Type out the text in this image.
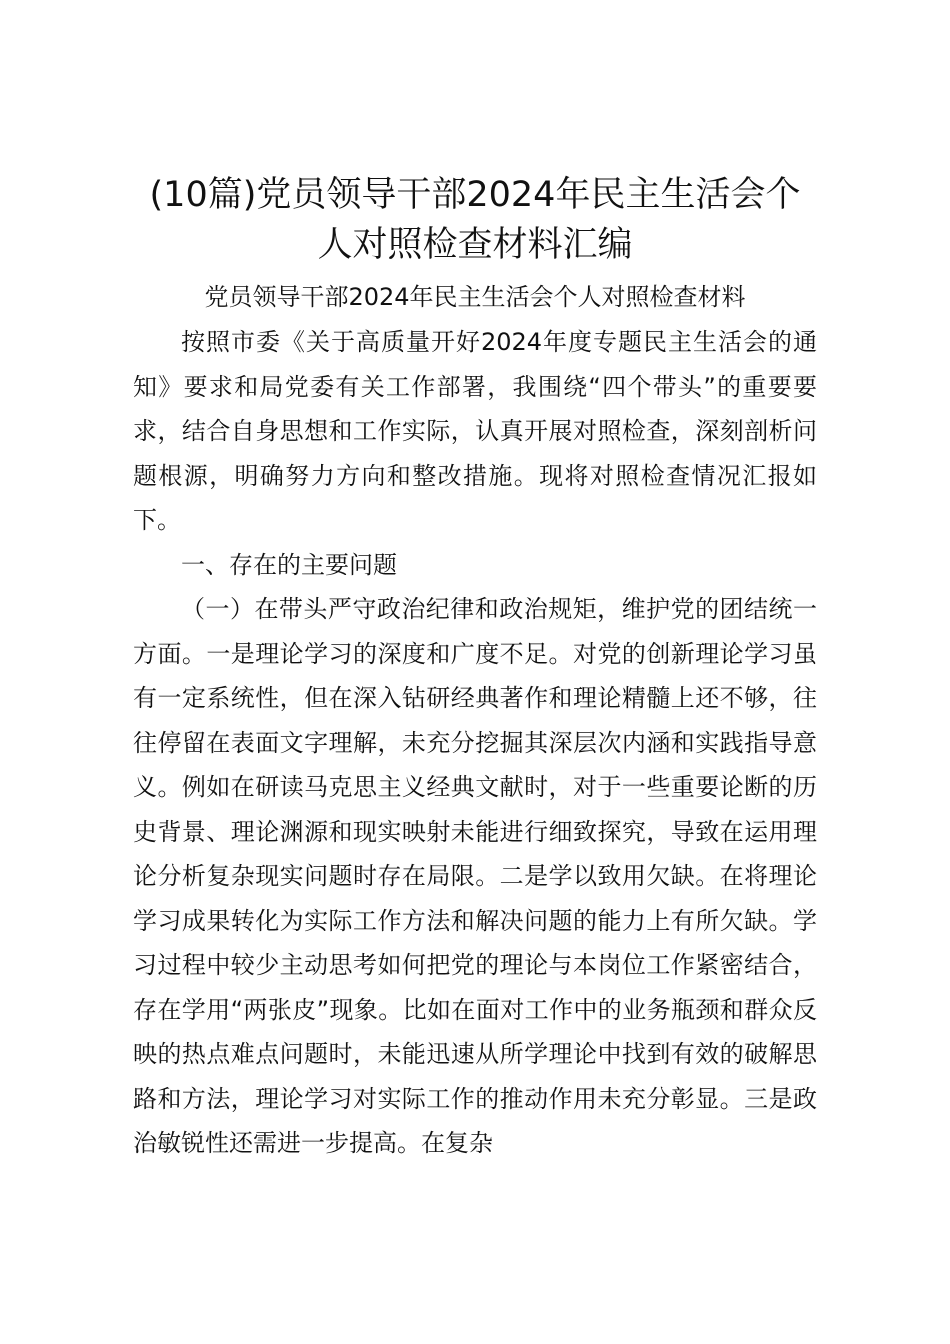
(10篇)党员领导干部2024年民主生活会个人对照检查材料汇编
党员领导干部2024年民主生活会个人对照检查材料

按照市委《关于高质量开好2024年度专题民主生活会的通知》要求和局党委有关工作部署，我围绕“四个带头”的重要要求，结合自身思想和工作实际，认真开展对照检查，深刻剖析问题根源，明确努力方向和整改措施。现将对照检查情况汇报如下。

一、存在的主要问题

（一）在带头严守政治纪律和政治规矩，维护党的团结统一方面。一是理论学习的深度和广度不足。对党的创新理论学习虽有一定系统性，但在深入钻研经典著作和理论精髓上还不够，往往停留在表面文字理解，未充分挖掘其深层次内涵和实践指导意义。例如在研读马克思主义经典文献时，对于一些重要论断的历史背景、理论渊源和现实映射未能进行细致探究，导致在运用理论分析复杂现实问题时存在局限。二是学以致用欠缺。在将理论学习成果转化为实际工作方法和解决问题的能力上有所欠缺。学习过程中较少主动思考如何把党的理论与本岗位工作紧密结合，存在学用“两张皮”现象。比如在面对工作中的业务瓶颈和群众反映的热点难点问题时，未能迅速从所学理论中找到有效的破解思路和方法，理论学习对实际工作的推动作用未充分彰显。三是政治敏锐性还需进一步提高。在复杂
